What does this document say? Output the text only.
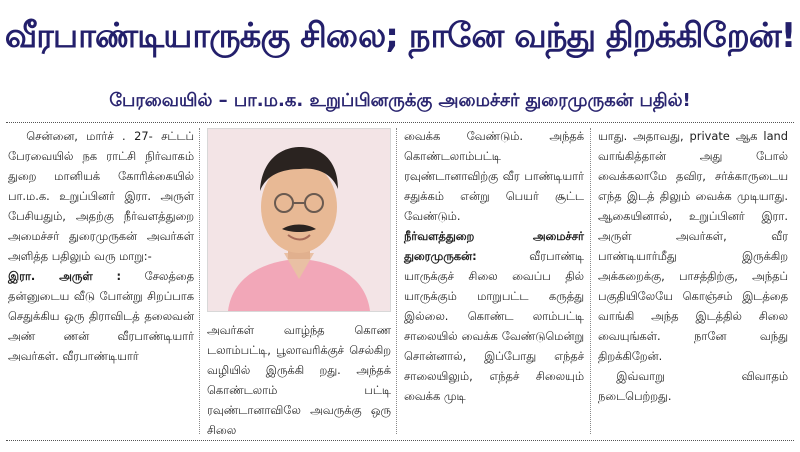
வீரபாண்டியாருக்கு சிலை; நானே வந்து திறக்கிறேன்!
பேரவையில் – பா.ம.க. உறுப்பினருக்கு அமைச்சர் துரைமுருகன் பதில்!

சென்னை, மார்ச் . 27- சட்டப் பேரவையில் நக ராட்சி நிர்வாகம் துறை மானியக் கோரிக்கையில் பா.ம.க. உறுப்பினர் இரா. அருள் பேசியதும், அதற்கு நீர்வளத்துறை அமைச்சர் துரைமுருகன் அவர்கள் அளித்த பதிலும் வரு மாறு:-

இரா. அருள் : சேலத்தை தன்னுடைய வீடு போன்று சிறப்பாக செதுக்கிய ஒரு திராவிடத் தலைவன் அண் ணன் வீரபாண்டியார் அவர்கள். வீரபாண்டியார்

அவர்கள் வாழ்ந்த கொண டலாம்பட்டி, பூலாவரிக்குச் செல்கிற வழியில் இருக்கி றது. அந்தக் கொண்டலாம் பட்டி ரவுண்டானாவிலே அவருக்கு ஒரு சிலை

வைக்க வேண்டும். அந்தக் கொண்டலாம்பட்டி ரவுண்டானாவிற்கு வீர பாண்டியார் சதுக்கம் என்று பெயர் சூட்ட வேண்டும்.

நீர்வளத்துறை அமைச்சர் துரைமுருகன்: வீரபாண்டி யாருக்குச் சிலை வைப்ப தில் யாருக்கும் மாறுபட்ட கருத்து இல்லை. கொண்ட லாம்பட்டி சாலையில் வைக்க வேண்டுமென்று சொன்னால், இப்போது எந்தச் சாலையிலும், எந்தச் சிலையும் வைக்க முடி

யாது. அதாவது, private ஆக land வாங்கித்தான் அது போல் வைக்கலாமே தவிர, சர்க்காருடைய எந்த இடத் திலும் வைக்க முடியாது. ஆகையினால், உறுப்பினர் இரா. அருள் அவர்கள், வீர பாண்டியார்மீது இருக்கிற அக்கறைக்கு, பாசத்திற்கு, அந்தப் பகுதியிலேயே கொஞ்சம் இடத்தை வாங்கி அந்த இடத்தில் சிலை வையுங்கள். நானே வந்து திறக்கிறேன்.

இவ்வாறு விவாதம் நடைபெற்றது.
